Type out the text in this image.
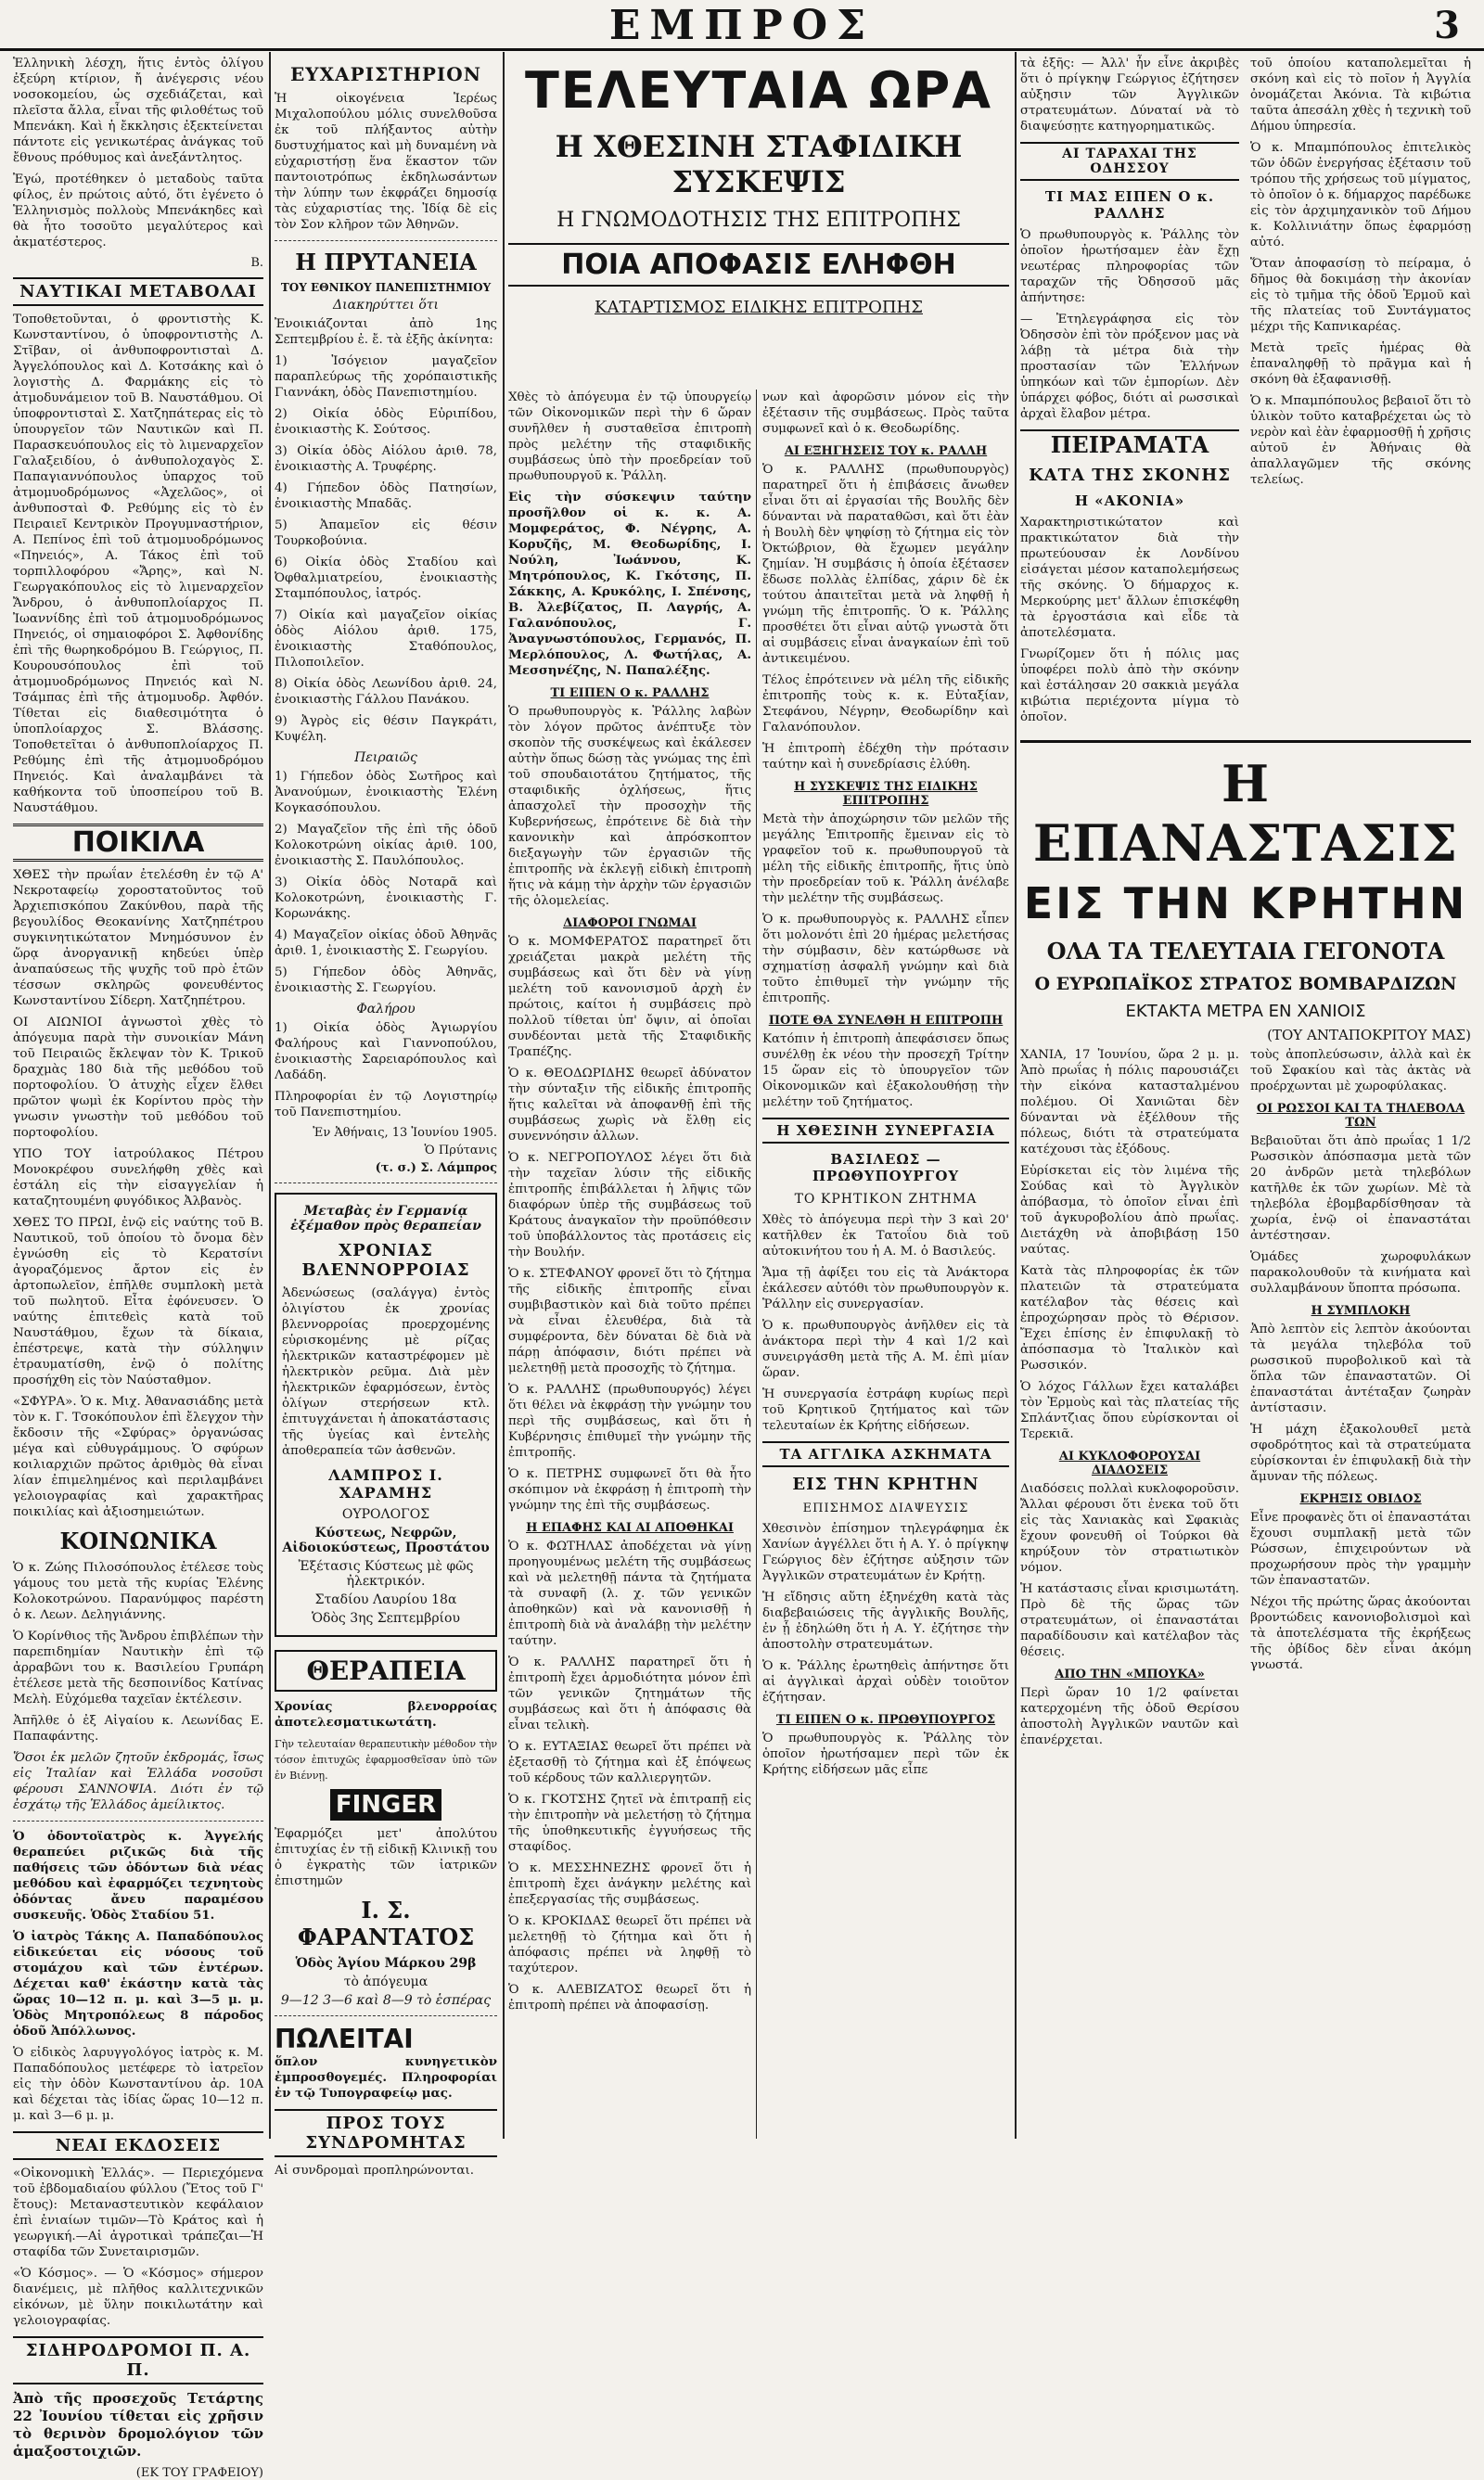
ΕΜΠΡΟΣ	3

Ἑλληνικὴ λέσχη, ἥτις ἐντὸς ὀλίγου ἐξεύρη κτίριον, ἤ ἀνέγερσις νέου νοσοκομείου, ὡς σχεδιάζεται, καὶ πλεῖστα ἄλλα, εἶναι τῆς φιλοθέτως τοῦ Μπενάκη. Καὶ ἡ ἔκκλησις ἐξεκτείνεται πάντοτε εἰς γενικωτέρας ἀνάγκας τοῦ ἔθνους πρόθυμος καὶ ἀνεξάντλητος.

Ἐγώ, προτέθηκεν ὁ μεταδοὺς ταῦτα φίλος, ἐν πρώτοις αὐτό, ὅτι ἐγένετο ὁ Ἑλληνισμὸς πολλοὺς Μπενάκηδες καὶ θὰ ἦτο τοσοῦτο μεγαλύτερος καὶ ἀκματέστερος.

Β.
ΝΑΥΤΙΚΑΙ ΜΕΤΑΒΟΛΑΙ

Τοποθετοῦνται, ὁ φροντιστὴς Κ. Κωνσταντίνου, ὁ ὑποφροντιστὴς Λ. Στῖβαν, οἱ ἀνθυποφροντισταὶ Δ. Ἀγγελόπουλος καὶ Δ. Κοτσάκης καὶ ὁ λογιστὴς Δ. Φαρμάκης εἰς τὸ ἀτμοδυνάμειον τοῦ Β. Ναυστάθμου. Οἱ ὑποφροντισταὶ Σ. Χατζηπάτερας εἰς τὸ ὑπουργεῖον τῶν Ναυτικῶν καὶ Π. Παρασκευόπουλος εἰς τὸ λιμεναρχεῖον Γαλαξειδίου, ὁ ἀνθυπολοχαγὸς Σ. Παπαγιαννόπουλος ὑπαρχος τοῦ ἀτμομυοδρόμωνος «Ἀχελῶος», οἱ ἀνθυποσταὶ Φ. Ρεθύμης εἰς τὸ ἐν Πειραιεῖ Κεντρικὸν Προγυμναστήριον, Α. Πεπίνος ἐπὶ τοῦ ἀτμομυοδρόμωνος «Πηνειός», Α. Τάκος ἐπὶ τοῦ τορπιλλοφόρου «Ἄρης», καὶ Ν. Γεωργακόπουλος εἰς τὸ λιμεναρχεῖον Ἄνδρου, ὁ ἀνθυποπλοίαρχος Π. Ἰωαννίδης ἐπὶ τοῦ ἀτμομυοδρόμωνος Πηνειός, οἱ σημαιοφόροι Σ. Ἀφθονίδης ἐπὶ τῆς θωρηκοδρόμου Β. Γεώργιος, Π. Κουρουσόπουλος ἐπὶ τοῦ ἀτμομυοδρόμωνος Πηνειός καὶ Ν. Τσάμπας ἐπὶ τῆς ἀτμομυοδρ. Ἀφθόν. Τίθεται εἰς διαθεσιμότητα ὁ ὑποπλοίαρχος Σ. Βλάσσης. Τοποθετεῖται ὁ ἀνθυποπλοίαρχος Π. Ρεθύμης ἐπὶ τῆς ἀτμομυοδρόμου Πηνειός. Καὶ ἀναλαμβάνει τὰ καθήκοντα τοῦ ὑποσπείρου τοῦ Β. Ναυστάθμου.

ΠΟΙΚΙΛΑ

ΧΘΕΣ τὴν πρωΐαν ἐτελέσθη ἐν τῷ Α' Νεκροταφείῳ χοροστατοῦντος τοῦ Ἀρχιεπισκόπου Ζακύνθου, παρὰ τῆς βεγουλίδος Θεοκανίνης Χατζηπέτρου συγκινητικώτατον Μνημόσυνον ἐν ὥρᾳ ἀνοργανικῇ κηδεύει ὑπὲρ ἀναπαύσεως τῆς ψυχῆς τοῦ πρὸ ἐτῶν τέσσων σκληρῶς φονευθέντος Κωνσταντίνου Σίδερη. Χατζηπέτρου.

ΟΙ ΑΙΩΝΙΟΙ ἀγνωστοὶ χθὲς τὸ ἀπόγευμα παρὰ τὴν συνοικίαν Μάνη τοῦ Πειραιῶς ἔκλεψαν τὸν Κ. Τρικοῦ δραχμὰς 180 διὰ τῆς μεθόδου τοῦ πορτοφολίου. Ὁ ἀτυχὴς εἶχεν ἔλθει πρῶτον ψωμὶ ἐκ Κορίντου πρὸς τὴν γνωσιν γνωστὴν τοῦ μεθόδου τοῦ πορτοφολίου.

ΥΠΟ ΤΟΥ ἰατρούλακος Πέτρου Μονοκρέφου συνελήφθη χθὲς καὶ ἐστάλη εἰς τὴν εἰσαγγελίαν ἡ καταζητουμένη φυγόδικος Ἀλβανὸς.

ΧΘΕΣ ΤΟ ΠΡΩΙ, ἐνῷ εἰς ναύτης τοῦ Β. Ναυτικοῦ, τοῦ ὁποίου τὸ ὄνομα δὲν ἐγνώσθη εἰς τὸ Κερατσίνι ἀγοραζόμενος ἄρτον εἰς ἐν ἀρτοπωλεῖον, ἐπῆλθε συμπλοκὴ μετὰ τοῦ πωλητοῦ. Εἶτα ἐφόνευσεν. Ὁ ναύτης ἐπιτεθεὶς κατὰ τοῦ Ναυστάθμου, ἔχων τὰ δίκαια, ἐπέστρεψε, κατὰ τὴν σύλληψιν ἐτραυματίσθη, ἐνῷ ὁ πολίτης προσήχθη εἰς τὸν Ναύσταθμον.

«ΣΦΥΡΑ». Ὁ κ. Μιχ. Ἀθανασιάδης μετὰ τὸν κ. Γ. Τσοκόπουλον ἐπὶ ἔλεγχον τὴν ἔκδοσιν τῆς «Σφύρας» ὀργανώσας μέγα καὶ εὐθυγράμμους. Ὁ σφύρων κοιλιαρχιῶν πρῶτος ἀριθμὸς θὰ εἶναι λίαν ἐπιμελημένος καὶ περιλαμβάνει γελοιογραφίας καὶ χαρακτῆρας ποικιλίας καὶ ἀξιοσημειώτων.

ΚΟΙΝΩΝΙΚΑ

Ὁ κ. Ζώης Πιλοσόπουλος ἐτέλεσε τοὺς γάμους του μετὰ τῆς κυρίας Ἐλένης Κολοκοτρώνου. Παρανύμφος παρέστη ὁ κ. Λεων. Δεληγιάννης.

Ὁ Κορίνθιος τῆς Ἄνδρου ἐπιβλέπων τὴν παρεπιδημίαν Ναυτικὴν ἐπὶ τῷ ἀρραβῶνι του κ. Βασιλείου Γρυπάρη ἐτέλεσε μετὰ τῆς δεσποινίδος Κατίνας Μελὴ. Εὐχόμεθα ταχεῖαν ἐκτέλεσιν.

Ἀπῆλθε ὁ ἐξ Αἰγαίου κ. Λεωνίδας Ε. Παπαφάντης.

Ὅσοι ἐκ μελῶν ζητοῦν ἐκδρομάς, ἴσως εἰς Ἰταλίαν καὶ Ἑλλάδα νοσοῦσι φέρουσι ΣΑΝΝΟΨΙΑ. Διότι ἐν τῷ ἐσχάτῳ τῆς Ἑλλάδος ἀμείλικτος.

Ὁ ὀδοντοϊατρὸς κ. Ἀγγελής θεραπεύει ριζικῶς διὰ τῆς παθήσεις τῶν ὀδόντων διὰ νέας μεθόδου καὶ ἐφαρμόζει τεχνητοὺς ὀδόντας ἄνευ παραμέσου συσκευῆς. Ὁδὸς Σταδίου 51.

Ὁ ἰατρὸς Τάκης Α. Παπαδόπουλος εἰδικεύεται εἰς νόσους τοῦ στομάχου καὶ τῶν ἐντέρων. Δέχεται καθ' ἑκάστην κατὰ τὰς ὥρας 10—12 π. μ. καὶ 3—5 μ. μ. Ὁδὸς Μητροπόλεως 8 πάροδος ὁδοῦ Ἀπόλλωνος.

Ὁ εἰδικὸς λαρυγγολόγος ἰατρὸς κ. Μ. Παπαδόπουλος μετέφερε τὸ ἰατρεῖον εἰς τὴν ὁδὸν Κωνσταντίνου ἀρ. 10Α καὶ δέχεται τὰς ἰδίας ὥρας 10—12 π. μ. καὶ 3—6 μ. μ.

ΝΕΑΙ ΕΚΔΟΣΕΙΣ

«Οἰκονομικὴ Ἑλλάς». — Περιεχόμενα τοῦ ἐβδομαδιαίου φύλλου (Ἔτος τοῦ Γ' ἔτους): Μεταναστευτικὸν κεφάλαιον ἐπὶ ἑνιαίων τιμῶν—Τὸ Κράτος καὶ ἡ γεωργική.—Αἱ ἀγροτικαὶ τράπεζαι—Ἡ σταφίδα τῶν Συνεταιρισμῶν.

«Ὁ Κόσμος». — Ὁ «Κόσμος» σήμερον διανέμεις, μὲ πλῆθος καλλιτεχνικῶν εἰκόνων, μὲ ὕλην ποικιλωτάτην καὶ γελοιογραφίας.

ΣΙΔΗΡΟΔΡΟΜΟΙ Π. Α. Π.

Ἀπὸ τῆς προσεχοῦς Τετάρτης 22 Ἰουνίου τίθεται εἰς χρῆσιν τὸ θερινὸν δρομολόγιον τῶν ἁμαξοστοιχιῶν.

(ΕΚ ΤΟΥ ΓΡΑΦΕΙΟΥ)
ΕΥΧΑΡΙΣΤΗΡΙΟΝ

Ἡ οἰκογένεια Ἱερέως Μιχαλοπούλου μόλις συνελθοῦσα ἐκ τοῦ πλήξαντος αὐτὴν δυστυχήματος καὶ μὴ δυναμένη νὰ εὐχαριστήσῃ ἕνα ἕκαστον τῶν παντοιοτρόπως ἐκδηλωσάντων τὴν λύπην των ἐκφράζει δημοσίᾳ τὰς εὐχαριστίας της. Ἰδίᾳ δὲ εἰς τὸν Σον κλῆρον τῶν Ἀθηνῶν.

Η ΠΡΥΤΑΝΕΙΑ
ΤΟΥ ΕΘΝΙΚΟΥ ΠΑΝΕΠΙΣΤΗΜΙΟΥ
Διακηρύττει ὅτι

Ἐνοικιάζονται ἀπὸ 1ης Σεπτεμβρίου ἐ. ἔ. τὰ ἑξῆς ἀκίνητα:

1) Ἰσόγειον μαγαζεῖον παραπλεύρως τῆς χορόπαιστικῆς Γιαννάκη, ὁδὸς Πανεπιστημίου.

2) Οἰκία ὁδὸς Εὐριπίδου, ἐνοικιαστὴς Κ. Σούτσος.

3) Οἰκία ὁδὸς Αἰόλου ἀριθ. 78, ἐνοικιαστὴς Α. Τρυφέρης.

4) Γήπεδον ὁδὸς Πατησίων, ἐνοικιαστὴς Μπαδᾶς.

5) Ἀπαμεῖον εἰς θέσιν Τουρκοβούνια.

6) Οἰκία ὁδὸς Σταδίου καὶ Ὀφθαλμιατρείου, ἐνοικιαστὴς Σταμπόπουλος, ἰατρός.

7) Οἰκία καὶ μαγαζεῖον οἰκίας ὁδὸς Αἰόλου ἀριθ. 175, ἐνοικιαστὴς Σταθόπουλος, Πιλοποιλεῖον.

8) Οἰκία ὁδὸς Λεωνίδου ἀριθ. 24, ἐνοικιαστὴς Γάλλου Πανάκου.

9) Ἀγρὸς εἰς θέσιν Παγκράτι, Κυψέλη.

Πειραιῶς

1) Γήπεδον ὁδὸς Σωτῆρος καὶ Ἀνανούμων, ἐνοικιαστὴς Ἑλένη Κογκασόπουλου.

2) Μαγαζεῖον τῆς ἐπὶ τῆς ὁδοῦ Κολοκοτρώνη οἰκίας ἀριθ. 100, ἐνοικιαστὴς Σ. Παυλόπουλος.

3) Οἰκία ὁδὸς Νοταρᾶ καὶ Κολοκοτρώνη, ἐνοικιαστὴς Γ. Κορωνάκης.

4) Μαγαζεῖον οἰκίας ὁδοῦ Ἀθηνᾶς ἀριθ. 1, ἐνοικιαστὴς Σ. Γεωργίου.

5) Γήπεδον ὁδὸς Ἀθηνᾶς, ἐνοικιαστὴς Σ. Γεωργίου.

Φαλήρου

1) Οἰκία ὁδὸς Ἀγιωργίου Φαλήρους καὶ Γιαννοπούλου, ἐνοικιαστὴς Σαρειαρόπουλος καὶ Λαδάδη.

Πληροφορίαι ἐν τῷ Λογιστηρίῳ τοῦ Πανεπιστημίου.

Ἐν Ἀθήναις, 13 Ἰουνίου 1905.
Ὁ Πρύτανις
(τ. σ.) Σ. Λάμπρος
Μεταβὰς ἐν Γερμανίᾳ ἐξέμαθον πρὸς θεραπείαν
ΧΡΟΝΙΑΣ ΒΛΕΝΝΟΡΡΟΙΑΣ

Ἀδενώσεως (σαλάγγα) ἐντὸς ὀλιγίστου ἐκ χρονίας βλεννορροίας προερχομένης εὑρισκομένης μὲ ρίζας ἠλεκτρικῶν καταστρέφομεν μὲ ἠλεκτρικὸν ρεῦμα. Διὰ μὲν ἠλεκτρικῶν ἐφαρμόσεων, ἐντὸς ὀλίγων στερήσεων κτλ. ἐπιτυγχάνεται ἡ ἀποκατάστασις τῆς ὑγείας καὶ ἐντελὴς ἀποθεραπεία τῶν ἀσθενῶν.

ΛΑΜΠΡΟΣ Ι. ΧΑΡΑΜΗΣ
ΟΥΡΟΛΟΓΟΣ
Κύστεως, Νεφρῶν, Αἰδοιοκύστεως, Προστάτου
Ἐξέτασις Κύστεως μὲ φῶς ἠλεκτρικόν.
Σταδίου Λαυρίου 18α
Ὁδὸς 3ης Σεπτεμβρίου
ΘΕΡΑΠΕΙΑ

Χρονίας βλενορροίας ἀποτελεσματικωτάτη.

Γὴν τελευταίαν θεραπευτικὴν μέθοδον τὴν τόσον ἐπιτυχῶς ἐφαρμοσθεῖσαν ὑπὸ τῶν ἐν Βιέννῃ.

FINGER

Ἐφαρμόζει μετ' ἀπολύτου ἐπιτυχίας ἐν τῇ εἰδικῇ Κλινικῇ του ὁ ἐγκρατὴς τῶν ἰατρικῶν ἐπιστημῶν

Ι. Σ. ΦΑΡΑΝΤΑΤΟΣ
Ὁδὸς Ἁγίου Μάρκου 29β
τὸ ἀπόγευμα
9—12 3—6 καὶ 8—9 τὸ ἑσπέρας
ΠΩΛΕΙΤΑΙ

ὅπλον κυνηγετικὸν ἐμπροσθογεμές. Πληροφορίαι ἐν τῷ Τυπογραφείῳ μας.

ΠΡΟΣ ΤΟΥΣ ΣΥΝΔΡΟΜΗΤΑΣ

Αἱ συνδρομαὶ προπληρώνονται.

ΤΕΛΕΥΤΑΙΑ ΩΡΑ
Η ΧΘΕΣΙΝΗ ΣΤΑΦΙΔΙΚΗ ΣΥΣΚΕΨΙΣ
Η ΓΝΩΜΟΔΟΤΗΣΙΣ ΤΗΣ ΕΠΙΤΡΟΠΗΣ
ΠΟΙΑ ΑΠΟΦΑΣΙΣ ΕΛΗΦΘΗ
ΚΑΤΑΡΤΙΣΜΟΣ ΕΙΔΙΚΗΣ ΕΠΙΤΡΟΠΗΣ

Χθὲς τὸ ἀπόγευμα ἐν τῷ ὑπουργείῳ τῶν Οἰκονομικῶν περὶ τὴν 6 ὥραν συνῆλθεν ἡ συσταθεῖσα ἐπιτροπὴ πρὸς μελέτην τῆς σταφιδικῆς συμβάσεως ὑπὸ τὴν προεδρείαν τοῦ πρωθυπουργοῦ κ. Ῥάλλη.

Εἰς τὴν σύσκεψιν ταύτην προσῆλθον οἱ κ. κ. Α. Μομφεράτος, Φ. Νέγρης, Α. Κορυζῆς, Μ. Θεοδωρίδης, Ι. Νούλη, Ἰωάννου, Κ. Μητρόπουλος, Κ. Γκότσης, Π. Σάκκης, Α. Κρυκόλης, Ι. Σπένσης, Β. Ἀλεβίζατος, Π. Λαγρής, Α. Γαλανόπουλος, Γ. Ἀναγνωστόπουλος, Γερμανός, Π. Μερλόπουλος, Λ. Φωτήλας, Α. Μεσσηνέζης, Ν. Παπαλέξης.

ΤΙ ΕΙΠΕΝ Ο κ. ΡΑΛΛΗΣ

Ὁ πρωθυπουργὸς κ. Ῥάλλης λαβὼν τὸν λόγον πρῶτος ἀνέπτυξε τὸν σκοπὸν τῆς συσκέψεως καὶ ἐκάλεσεν αὐτὴν ὅπως δώσῃ τὰς γνώμας της ἐπὶ τοῦ σπουδαιοτάτου ζητήματος, τῆς σταφιδικῆς ὀχλήσεως, ἥτις ἀπασχολεῖ τὴν προσοχὴν τῆς Κυβερνήσεως, ἐπρότεινε δὲ διὰ τὴν κανονικὴν καὶ ἀπρόσκοπτον διεξαγωγὴν τῶν ἐργασιῶν τῆς ἐπιτροπῆς νὰ ἐκλεγῇ εἰδικὴ ἐπιτροπὴ ἥτις νὰ κάμῃ τὴν ἀρχὴν τῶν ἐργασιῶν τῆς ὁλομελείας.

ΔΙΑΦΟΡΟΙ ΓΝΩΜΑΙ

Ὁ κ. ΜΟΜΦΕΡΑΤΟΣ παρατηρεῖ ὅτι χρειάζεται μακρὰ μελέτη τῆς συμβάσεως καὶ ὅτι δὲν νὰ γίνῃ μελέτη τοῦ κανονισμοῦ ἀρχὴ ἐν πρώτοις, καίτοι ἡ συμβάσεις πρὸ πολλοῦ τίθεται ὑπ' ὄψιν, αἱ ὁποῖαι συνδέονται μετὰ τῆς Σταφιδικῆς Τραπέζης.

Ὁ κ. ΘΕΟΔΩΡΙΔΗΣ θεωρεῖ ἀδύνατον τὴν σύνταξιν τῆς εἰδικῆς ἐπιτροπῆς ἥτις καλεῖται νὰ ἀποφανθῇ ἐπὶ τῆς συμβάσεως χωρὶς νὰ ἔλθῃ εἰς συνεννόησιν ἀλλων.

Ὁ κ. ΝΕΓΡΟΠΟΥΛΟΣ λέγει ὅτι διὰ τὴν ταχεῖαν λύσιν τῆς εἰδικῆς ἐπιτροπῆς ἐπιβάλλεται ἡ λῆψις τῶν διαφόρων ὑπὲρ τῆς συμβάσεως τοῦ Κράτους ἀναγκαῖον τὴν προϋπόθεσιν τοῦ ὑποβάλλοντος τὰς προτάσεις εἰς τὴν Βουλήν.

Ὁ κ. ΣΤΕΦΑΝΟΥ φρονεῖ ὅτι τὸ ζήτημα τῆς εἰδικῆς ἐπιτροπῆς εἶναι συμβιβαστικὸν καὶ διὰ τοῦτο πρέπει νὰ εἶναι ἐλευθέρα, διὰ τὰ συμφέροντα, δὲν δύναται δὲ διὰ νὰ πάρῃ ἀπόφασιν, διότι πρέπει νὰ μελετηθῇ μετὰ προσοχῆς τὸ ζήτημα.

Ὁ κ. ΡΑΛΛΗΣ (πρωθυπουργός) λέγει ὅτι θέλει νὰ ἐκφράσῃ τὴν γνώμην του περὶ τῆς συμβάσεως, καὶ ὅτι ἡ Κυβέρνησις ἐπιθυμεῖ τὴν γνώμην τῆς ἐπιτροπῆς.

Ὁ κ. ΠΕΤΡΗΣ συμφωνεῖ ὅτι θὰ ἦτο σκόπιμον νὰ ἐκφράσῃ ἡ ἐπιτροπὴ τὴν γνώμην της ἐπὶ τῆς συμβάσεως.

Η ΕΠΑΦΗΣ ΚΑΙ ΑΙ ΑΠΟΘΗΚΑΙ

Ὁ κ. ΦΩΤΗΛΑΣ ἀποδέχεται νὰ γίνῃ προηγουμένως μελέτη τῆς συμβάσεως καὶ νὰ μελετηθῇ πάντα τὰ ζητήματα τὰ συναφῆ (λ. χ. τῶν γενικῶν ἀποθηκῶν) καὶ νὰ κανονισθῇ ἡ ἐπιτροπὴ διὰ νὰ ἀναλάβῃ τὴν μελέτην ταύτην.

Ὁ κ. ΡΑΛΛΗΣ παρατηρεῖ ὅτι ἡ ἐπιτροπὴ ἔχει ἀρμοδιότητα μόνον ἐπὶ τῶν γενικῶν ζητημάτων τῆς συμβάσεως καὶ ὅτι ἡ ἀπόφασις θὰ εἶναι τελικὴ.

Ὁ κ. ΕΥΤΑΞΙΑΣ θεωρεῖ ὅτι πρέπει νὰ ἐξετασθῇ τὸ ζήτημα καὶ ἐξ ἐπόψεως τοῦ κέρδους τῶν καλλιεργητῶν.

Ὁ κ. ΓΚΟΤΣΗΣ ζητεῖ νὰ ἐπιτραπῇ εἰς τὴν ἐπιτροπὴν νὰ μελετήσῃ τὸ ζήτημα τῆς ὑποθηκευτικῆς ἐγγυήσεως τῆς σταφίδος.

Ὁ κ. ΜΕΣΣΗΝΕΖΗΣ φρονεῖ ὅτι ἡ ἐπιτροπὴ ἔχει ἀνάγκην μελέτης καὶ ἐπεξεργασίας τῆς συμβάσεως.

Ὁ κ. ΚΡΟΚΙΔΑΣ θεωρεῖ ὅτι πρέπει νὰ μελετηθῇ τὸ ζήτημα καὶ ὅτι ἡ ἀπόφασις πρέπει νὰ ληφθῇ τὸ ταχύτερον.

Ὁ κ. ΑΛΕΒΙΖΑΤΟΣ θεωρεῖ ὅτι ἡ ἐπιτροπὴ πρέπει νὰ ἀποφασίσῃ.

νων καὶ ἀφορῶσιν μόνον εἰς τὴν ἐξέτασιν τῆς συμβάσεως. Πρὸς ταῦτα συμφωνεῖ καὶ ὁ κ. Θεοδωρίδης.

ΑΙ ΕΞΗΓΗΣΕΙΣ ΤΟΥ κ. ΡΑΛΛΗ

Ὁ κ. ΡΑΛΛΗΣ (πρωθυπουργὸς) παρατηρεῖ ὅτι ἡ ἐπιβάσεις ἄνωθεν εἶναι ὅτι αἱ ἐργασίαι τῆς Βουλῆς δὲν δύνανται νὰ παραταθῶσι, καὶ ὅτι ἐὰν ἡ Βουλὴ δὲν ψηφίσῃ τὸ ζήτημα εἰς τὸν Ὀκτώβριον, θὰ ἔχωμεν μεγάλην ζημίαν. Ἡ συμβάσις ἡ ὁποία ἐξέτασεν ἔδωσε πολλὰς ἐλπίδας, χάριν δὲ ἐκ τούτου ἀπαιτεῖται μετὰ νὰ ληφθῇ ἡ γνώμη τῆς ἐπιτροπῆς. Ὁ κ. Ῥάλλης προσθέτει ὅτι εἶναι αὐτῷ γνωστὰ ὅτι αἱ συμβάσεις εἶναι ἀναγκαίων ἐπὶ τοῦ ἀντικειμένου.

Τέλος ἐπρότεινεν νὰ μέλη τῆς εἰδικῆς ἐπιτροπῆς τοὺς κ. κ. Εὐταξίαν, Στεφάνου, Νέγρην, Θεοδωρίδην καὶ Γαλανόπουλον.

Ἡ ἐπιτροπὴ ἐδέχθη τὴν πρότασιν ταύτην καὶ ἡ συνεδρίασις ἐλύθη.

Η ΣΥΣΚΕΨΙΣ ΤΗΣ ΕΙΔΙΚΗΣ ΕΠΙΤΡΟΠΗΣ

Μετὰ τὴν ἀποχώρησιν τῶν μελῶν τῆς μεγάλης Ἐπιτροπῆς ἔμειναν εἰς τὸ γραφεῖον τοῦ κ. πρωθυπουργοῦ τὰ μέλη τῆς εἰδικῆς ἐπιτροπῆς, ἥτις ὑπὸ τὴν προεδρείαν τοῦ κ. Ῥάλλη ἀνέλαβε τὴν μελέτην τῆς συμβάσεως.

Ὁ κ. πρωθυπουργὸς κ. ΡΑΛΛΗΣ εἶπεν ὅτι μολονότι ἐπὶ 20 ἡμέρας μελετήσας τὴν σύμβασιν, δὲν κατώρθωσε νὰ σχηματίσῃ ἀσφαλῆ γνώμην καὶ διὰ τοῦτο ἐπιθυμεῖ τὴν γνώμην τῆς ἐπιτροπῆς.

ΠΟΤΕ ΘΑ ΣΥΝΕΛΘΗ Η ΕΠΙΤΡΟΠΗ

Κατόπιν ἡ ἐπιτροπὴ ἀπεφάσισεν ὅπως συνέλθῃ ἐκ νέου τὴν προσεχῆ Τρίτην 15 ὥραν εἰς τὸ ὑπουργεῖον τῶν Οἰκονομικῶν καὶ ἐξακολουθήσῃ τὴν μελέτην τοῦ ζητήματος.

Η ΧΘΕΣΙΝΗ ΣΥΝΕΡΓΑΣΙΑ
ΒΑΣΙΛΕΩΣ — ΠΡΩΘΥΠΟΥΡΓΟΥ
ΤΟ ΚΡΗΤΙΚΟΝ ΖΗΤΗΜΑ

Χθὲς τὸ ἀπόγευμα περὶ τὴν 3 καὶ 20' κατῆλθεν ἐκ Τατοΐου διὰ τοῦ αὐτοκινήτου του ἡ Α. Μ. ὁ Βασιλεύς.

Ἅμα τῇ ἀφίξει του εἰς τὰ Ἀνάκτορα ἐκάλεσεν αὐτόθι τὸν πρωθυπουργὸν κ. Ῥάλλην εἰς συνεργασίαν.

Ὁ κ. πρωθυπουργὸς ἀνῆλθεν εἰς τὰ ἀνάκτορα περὶ τὴν 4 καὶ 1/2 καὶ συνειργάσθη μετὰ τῆς Α. Μ. ἐπὶ μίαν ὥραν.

Ἡ συνεργασία ἐστράφη κυρίως περὶ τοῦ Κρητικοῦ ζητήματος καὶ τῶν τελευταίων ἐκ Κρήτης εἰδήσεων.

ΤΑ ΑΓΓΛΙΚΑ ΑΣΚΗΜΑΤΑ
ΕΙΣ ΤΗΝ ΚΡΗΤΗΝ
ΕΠΙΣΗΜΟΣ ΔΙΑΨΕΥΣΙΣ

Χθεσινὸν ἐπίσημον τηλεγράφημα ἐκ Χανίων ἀγγέλλει ὅτι ἡ Α. Υ. ὁ πρίγκηψ Γεώργιος δὲν ἐζήτησε αὐξησιν τῶν Ἀγγλικῶν στρατευμάτων ἐν Κρήτῃ.

Ἡ εἴδησις αὕτη ἐξηνέχθη κατὰ τὰς διαβεβαιώσεις τῆς ἀγγλικῆς Βουλῆς, ἐν ᾗ ἐδηλώθη ὅτι ἡ Α. Υ. ἐζήτησε τὴν ἀποστολὴν στρατευμάτων.

Ὁ κ. Ῥάλλης ἐρωτηθεὶς ἀπήντησε ὅτι αἱ ἀγγλικαὶ ἀρχαὶ οὐδὲν τοιοῦτον ἐζήτησαν.

ΤΙ ΕΙΠΕΝ Ο κ. ΠΡΩΘΥΠΟΥΡΓΟΣ

Ὁ πρωθυπουργὸς κ. Ῥάλλης τὸν ὁποῖον ἠρωτήσαμεν περὶ τῶν ἐκ Κρήτης εἰδήσεων μᾶς εἶπε

τὰ ἑξῆς: — Ἀλλ' ἦν εἶνε ἀκριβὲς ὅτι ὁ πρίγκηψ Γεώργιος ἐζήτησεν αὐξησιν τῶν Ἀγγλικῶν στρατευμάτων. Δύναταί νὰ τὸ διαψεύσῃτε κατηγορηματικῶς.

ΑΙ ΤΑΡΑΧΑΙ ΤΗΣ ΟΔΗΣΣΟΥ
ΤΙ ΜΑΣ ΕΙΠΕΝ Ο κ. ΡΑΛΛΗΣ

Ὁ πρωθυπουργὸς κ. Ῥάλλης τὸν ὁποῖον ἠρωτήσαμεν ἐὰν ἔχῃ νεωτέρας πληροφορίας τῶν ταραχῶν τῆς Ὀδησσοῦ μᾶς ἀπήντησε:

— Ἐτηλεγράφησα εἰς τὸν Ὀδησσὸν ἐπὶ τὸν πρόξενον μας νὰ λάβῃ τὰ μέτρα διὰ τὴν προστασίαν τῶν Ἑλλήνων ὑπηκόων καὶ τῶν ἐμπορίων. Δὲν ὑπάρχει φόβος, διότι αἱ ρωσσικαὶ ἀρχαὶ ἔλαβον μέτρα.

ΠΕΙΡΑΜΑΤΑ
ΚΑΤΑ ΤΗΣ ΣΚΟΝΗΣ
Η «ΑΚΟΝΙΑ»

Χαρακτηριστικώτατον καὶ πρακτικώτατον διὰ τὴν πρωτεύουσαν ἐκ Λονδίνου εἰσάγεται μέσον καταπολεμήσεως τῆς σκόνης. Ὁ δήμαρχος κ. Μερκούρης μετ' ἄλλων ἐπισκέφθη τὰ ἐργοστάσια καὶ εἶδε τὰ ἀποτελέσματα.

Γνωρίζομεν ὅτι ἡ πόλις μας ὑποφέρει πολὺ ἀπὸ τὴν σκόνην καὶ ἐστάλησαν 20 σακκιὰ μεγάλα κιβώτια περιέχοντα μίγμα τὸ ὁποῖον.

τοῦ ὁποίου καταπολεμεῖται ἡ σκόνη καὶ εἰς τὸ ποῖον ἡ Ἀγγλία ὀνομάζεται Ἀκόνια. Τὰ κιβώτια ταῦτα ἀπεσάλη χθὲς ἡ τεχνικὴ τοῦ Δήμου ὑπηρεσία.

Ὁ κ. Μπαμπόπουλος ἐπιτελικὸς τῶν ὁδῶν ἐνεργήσας ἐξέτασιν τοῦ τρόπου τῆς χρήσεως τοῦ μίγματος, τὸ ὁποῖον ὁ κ. δήμαρχος παρέδωκε εἰς τὸν ἀρχιμηχανικὸν τοῦ Δήμου κ. Κολλινιάτην ὅπως ἐφαρμόσῃ αὐτό.

Ὅταν ἀποφασίσῃ τὸ πείραμα, ὁ δῆμος θὰ δοκιμάσῃ τὴν ἀκονίαν εἰς τὸ τμῆμα τῆς ὁδοῦ Ἑρμοῦ καὶ τῆς πλατείας τοῦ Συντάγματος μέχρι τῆς Καπνικαρέας.

Μετὰ τρεῖς ἡμέρας θὰ ἐπαναληφθῇ τὸ πρᾶγμα καὶ ἡ σκόνη θὰ ἐξαφανισθῇ.

Ὁ κ. Μπαμπόπουλος βεβαιοῖ ὅτι τὸ ὑλικὸν τοῦτο καταβρέχεται ὡς τὸ νερὸν καὶ ἐὰν ἐφαρμοσθῇ ἡ χρῆσις αὐτοῦ ἐν Ἀθήναις θὰ ἀπαλλαγῶμεν τῆς σκόνης τελείως.

Η ΕΠΑΝΑΣΤΑΣΙΣ
ΕΙΣ ΤΗΝ ΚΡΗΤΗΝ
ΟΛΑ ΤΑ ΤΕΛΕΥΤΑΙΑ ΓΕΓΟΝΟΤΑ
Ο ΕΥΡΩΠΑΪΚΟΣ ΣΤΡΑΤΟΣ ΒΟΜΒΑΡΔΙΖΩΝ
ΕΚΤΑΚΤΑ ΜΕΤΡΑ ΕΝ ΧΑΝΙΟΙΣ
(ΤΟΥ ΑΝΤΑΠΟΚΡΙΤΟΥ ΜΑΣ)

ΧΑΝΙΑ, 17 Ἰουνίου, ὥρα 2 μ. μ. Ἀπὸ πρωΐας ἡ πόλις παρουσιάζει τὴν εἰκόνα κατασταλμένου πολέμου. Οἱ Χανιῶται δὲν δύνανται νὰ ἐξέλθουν τῆς πόλεως, διότι τὰ στρατεύματα κατέχουσι τὰς ἐξόδους.

Εὐρίσκεται εἰς τὸν λιμένα τῆς Σούδας καὶ τὸ Ἀγγλικὸν ἀπόβασμα, τὸ ὁποῖον εἶναι ἐπὶ τοῦ ἀγκυροβολίου ἀπὸ πρωΐας. Διετάχθη νὰ ἀποβιβάσῃ 150 ναύτας.

Κατὰ τὰς πληροφορίας ἐκ τῶν πλατειῶν τὰ στρατεύματα κατέλαβον τὰς θέσεις καὶ ἐπροχώρησαν πρὸς τὸ Θέρισον. Ἔχει ἐπίσης ἐν ἐπιφυλακῇ τὸ ἀπόσπασμα τὸ Ἰταλικὸν καὶ Ρωσσικόν.

Ὁ λόχος Γάλλων ἔχει καταλάβει τὸν Ἐρμοὺς καὶ τὰς πλατείας τῆς Σπλάντζιας ὅπου εὑρίσκονται οἱ Τερεκιᾶ.

ΑΙ ΚΥΚΛΟΦΟΡΟΥΣΑΙ ΔΙΑΔΟΣΕΙΣ

Διαδόσεις πολλαὶ κυκλοφοροῦσιν. Ἄλλαι φέρουσι ὅτι ἐνεκα τοῦ ὅτι εἰς τὰς Χανιακὰς καὶ Σφακιὰς ἔχουν φονευθῆ οἱ Τούρκοι θὰ κηρύξουν τὸν στρατιωτικὸν νόμον.

Ἡ κατάστασις εἶναι κρισιμωτάτη. Πρὸ δὲ τῆς ὥρας τῶν στρατευμάτων, οἱ ἐπαναστάται παραδίδουσιν καὶ κατέλαβον τὰς θέσεις.

ΑΠΟ ΤΗΝ «ΜΠΟΥΚΑ»

Περὶ ὥραν 10 1/2 φαίνεται κατερχομένη τῆς ὁδοῦ Θερίσου ἀποστολὴ Ἀγγλικῶν ναυτῶν καὶ ἐπανέρχεται.

τοὺς ἀποπλεύσωσιν, ἀλλὰ καὶ ἐκ τοῦ Σφακίου καὶ τὰς ἀκτὰς νὰ προέρχωνται μὲ χωροφύλακας.

ΟΙ ΡΩΣΣΟΙ ΚΑΙ ΤΑ ΤΗΛΕΒΟΛΑ ΤΩΝ

Βεβαιοῦται ὅτι ἀπὸ πρωΐας 1 1/2 Ρωσσικὸν ἀπόσπασμα μετὰ τῶν 20 ἀνδρῶν μετὰ τηλεβόλων κατῆλθε ἐκ τῶν χωρίων. Μὲ τὰ τηλεβόλα ἐβομβαρδίσθησαν τὰ χωρία, ἐνῷ οἱ ἐπαναστάται ἀντέστησαν.

Ὁμάδες χωροφυλάκων παρακολουθοῦν τὰ κινήματα καὶ συλλαμβάνουν ὕποπτα πρόσωπα.

Η ΣΥΜΠΛΟΚΗ

Ἀπὸ λεπτὸν εἰς λεπτὸν ἀκούονται τὰ μεγάλα τηλεβόλα τοῦ ρωσσικοῦ πυροβολικοῦ καὶ τὰ ὅπλα τῶν ἐπαναστατῶν. Οἱ ἐπαναστάται ἀντέταξαν ζωηρὰν ἀντίστασιν.

Ἡ μάχη ἐξακολουθεῖ μετὰ σφοδρότητος καὶ τὰ στρατεύματα εὑρίσκονται ἐν ἐπιφυλακῇ διὰ τὴν ἄμυναν τῆς πόλεως.

ΕΚΡΗΞΙΣ ΟΒΙΔΟΣ

Εἶνε προφανὲς ὅτι οἱ ἐπαναστάται ἔχουσι συμπλακῇ μετὰ τῶν Ρώσσων, ἐπιχειρούντων νὰ προχωρήσουν πρὸς τὴν γραμμὴν τῶν ἐπαναστατῶν.

Νέχοι τῆς πρώτης ὥρας ἀκούονται βροντώδεις κανονιοβολισμοὶ καὶ τὰ ἀποτελέσματα τῆς ἐκρήξεως τῆς ὀβίδος δὲν εἶναι ἀκόμη γνωστά.
